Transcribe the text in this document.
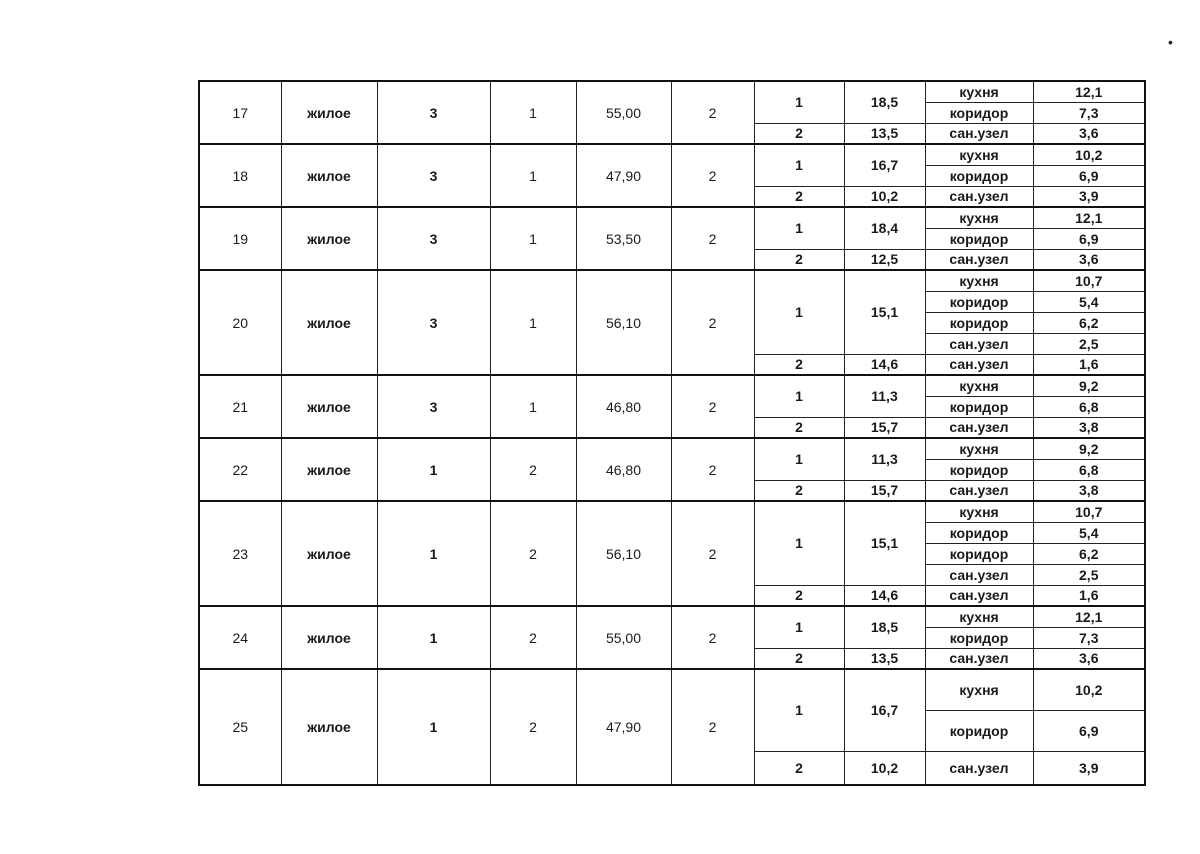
•
17	жилое	3	1	55,00	2	1	18,5	кухня	12,1
								коридор	7,3
						2	13,5	сан.узел	3,6
18	жилое	3	1	47,90	2	1	16,7	кухня	10,2
								коридор	6,9
						2	10,2	сан.узел	3,9
19	жилое	3	1	53,50	2	1	18,4	кухня	12,1
								коридор	6,9
						2	12,5	сан.узел	3,6
20	жилое	3	1	56,10	2	1	15,1	кухня	10,7
								коридор	5,4
								коридор	6,2
								сан.узел	2,5
						2	14,6	сан.узел	1,6
21	жилое	3	1	46,80	2	1	11,3	кухня	9,2
								коридор	6,8
						2	15,7	сан.узел	3,8
22	жилое	1	2	46,80	2	1	11,3	кухня	9,2
								коридор	6,8
						2	15,7	сан.узел	3,8
23	жилое	1	2	56,10	2	1	15,1	кухня	10,7
								коридор	5,4
								коридор	6,2
								сан.узел	2,5
						2	14,6	сан.узел	1,6
24	жилое	1	2	55,00	2	1	18,5	кухня	12,1
								коридор	7,3
						2	13,5	сан.узел	3,6
25	жилое	1	2	47,90	2	1	16,7	кухня	10,2
								коридор	6,9
						2	10,2	сан.узел	3,9
